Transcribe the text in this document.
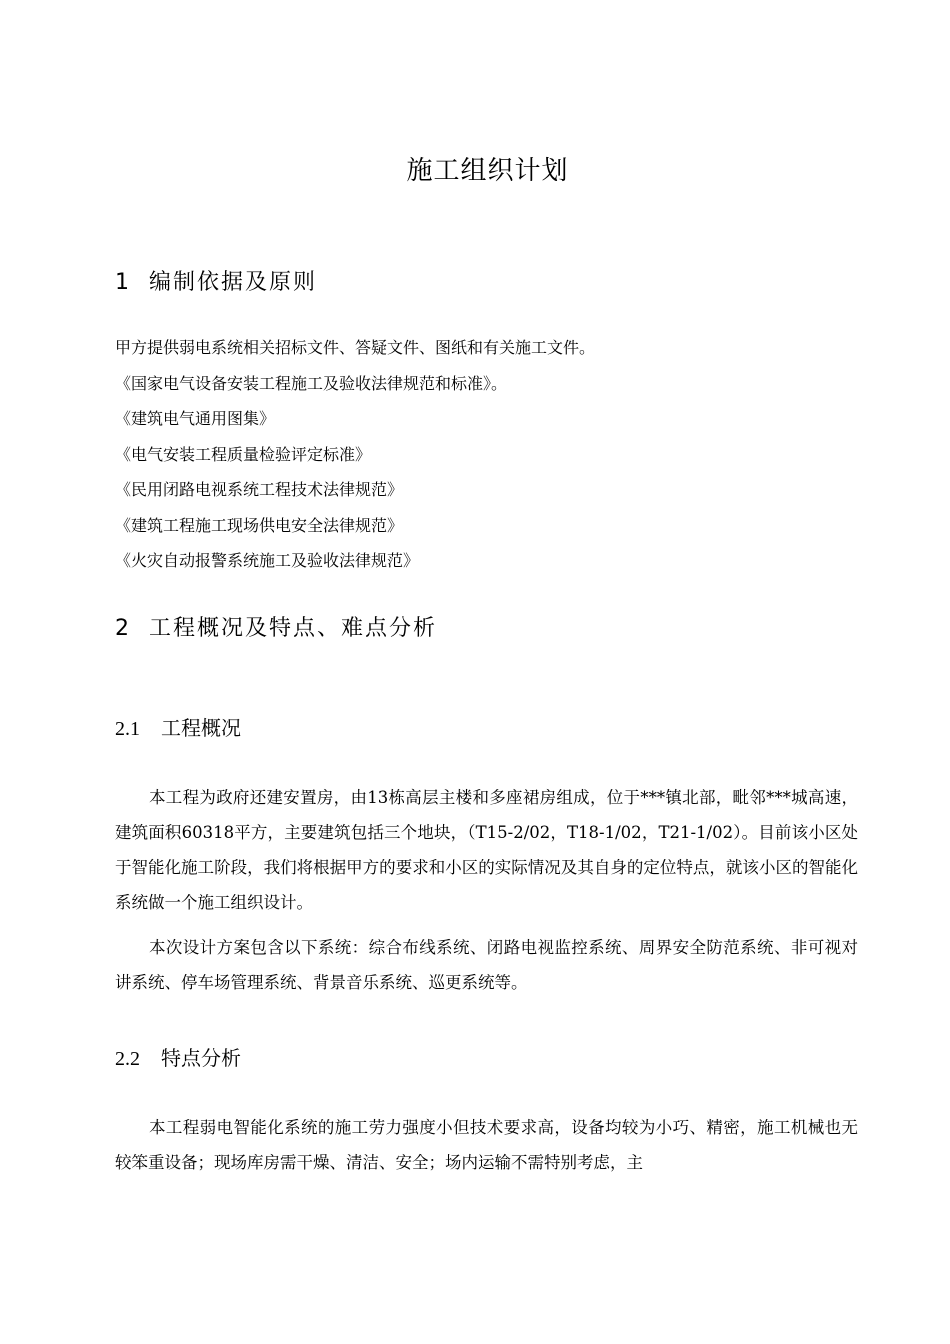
施工组织计划
1 编制依据及原则
甲方提供弱电系统相关招标文件、答疑文件、图纸和有关施工文件。
《国家电气设备安装工程施工及验收法律规范和标准》。
《建筑电气通用图集》
《电气安装工程质量检验评定标准》
《民用闭路电视系统工程技术法律规范》
《建筑工程施工现场供电安全法律规范》
《火灾自动报警系统施工及验收法律规范》
2 工程概况及特点、难点分析
2.1 工程概况

本工程为政府还建安置房，由13栋高层主楼和多座裙房组成，位于***镇北部，毗邻***城高速，建筑面积60318平方，主要建筑包括三个地块，（T15-2/02，T18-1/02，T21-1/02）。目前该小区处于智能化施工阶段，我们将根据甲方的要求和小区的实际情况及其自身的定位特点，就该小区的智能化系统做一个施工组织设计。

本次设计方案包含以下系统：综合布线系统、闭路电视监控系统、周界安全防范系统、非可视对讲系统、停车场管理系统、背景音乐系统、巡更系统等。

2.2 特点分析

本工程弱电智能化系统的施工劳力强度小但技术要求高，设备均较为小巧、精密，施工机械也无较笨重设备；现场库房需干燥、清洁、安全；场内运输不需特别考虑，主
